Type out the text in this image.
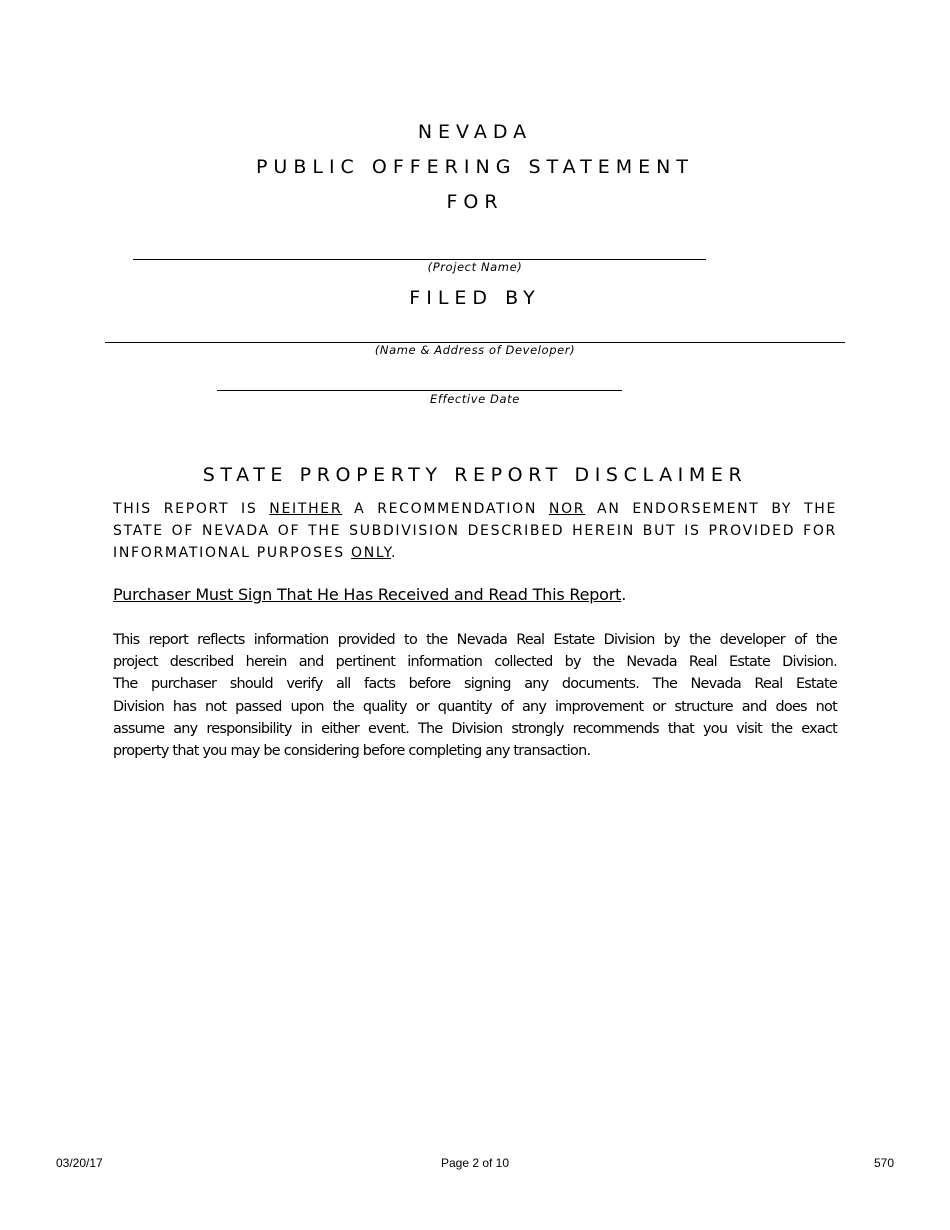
NEVADA
PUBLIC OFFERING STATEMENT
FOR
(Project Name)
FILED BY
(Name & Address of Developer)
Effective Date
STATE PROPERTY REPORT DISCLAIMER
THIS REPORT IS NEITHER A RECOMMENDATION NOR AN ENDORSEMENT BY THE
STATE OF NEVADA OF THE SUBDIVISION DESCRIBED HEREIN BUT IS PROVIDED FOR
INFORMATIONAL PURPOSES ONLY.
Purchaser Must Sign That He Has Received and Read This Report.
This report reflects information provided to the Nevada Real Estate Division by the developer of the
project described herein and pertinent information collected by the Nevada Real Estate Division.
The purchaser should verify all facts before signing any documents. The Nevada Real Estate
Division has not passed upon the quality or quantity of any improvement or structure and does not
assume any responsibility in either event. The Division strongly recommends that you visit the exact
property that you may be considering before completing any transaction.
03/20/17	Page 2 of 10	570
